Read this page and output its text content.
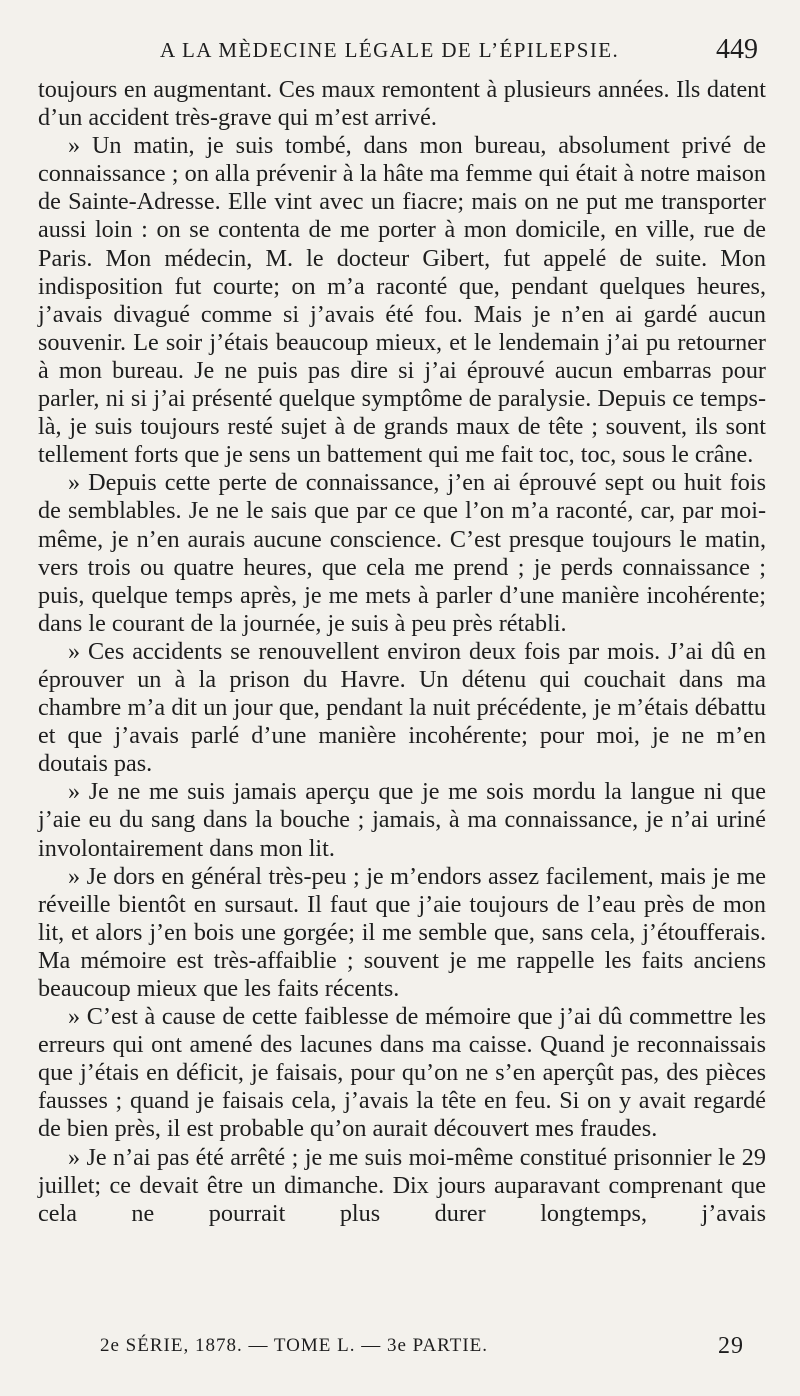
A LA MÈDECINE LÉGALE DE L’ÉPILEPSIE.	449

toujours en augmentant. Ces maux remontent à plusieurs années. Ils datent d’un accident très-grave qui m’est arrivé.

» Un matin, je suis tombé, dans mon bureau, absolument privé de connaissance ; on alla prévenir à la hâte ma femme qui était à notre maison de Sainte-Adresse. Elle vint avec un fiacre; mais on ne put me transporter aussi loin : on se contenta de me porter à mon domicile, en ville, rue de Paris. Mon médecin, M. le docteur Gibert, fut appelé de suite. Mon indisposition fut courte; on m’a raconté que, pendant quelques heures, j’avais divagué comme si j’avais été fou. Mais je n’en ai gardé aucun souvenir. Le soir j’étais beaucoup mieux, et le lendemain j’ai pu retourner à mon bureau. Je ne puis pas dire si j’ai éprouvé aucun embarras pour parler, ni si j’ai présenté quelque symptôme de paralysie. Depuis ce temps-là, je suis toujours resté sujet à de grands maux de tête ; souvent, ils sont tellement forts que je sens un battement qui me fait toc, toc, sous le crâne.

» Depuis cette perte de connaissance, j’en ai éprouvé sept ou huit fois de semblables. Je ne le sais que par ce que l’on m’a raconté, car, par moi-même, je n’en aurais aucune conscience. C’est presque toujours le matin, vers trois ou quatre heures, que cela me prend ; je perds connaissance ; puis, quelque temps après, je me mets à parler d’une manière incohérente; dans le courant de la journée, je suis à peu près rétabli.

» Ces accidents se renouvellent environ deux fois par mois. J’ai dû en éprouver un à la prison du Havre. Un détenu qui couchait dans ma chambre m’a dit un jour que, pendant la nuit précédente, je m’étais débattu et que j’avais parlé d’une manière incohérente; pour moi, je ne m’en doutais pas.

» Je ne me suis jamais aperçu que je me sois mordu la langue ni que j’aie eu du sang dans la bouche ; jamais, à ma connaissance, je n’ai uriné involontairement dans mon lit.

» Je dors en général très-peu ; je m’endors assez facilement, mais je me réveille bientôt en sursaut. Il faut que j’aie toujours de l’eau près de mon lit, et alors j’en bois une gorgée; il me semble que, sans cela, j’étoufferais. Ma mémoire est très-affaiblie ; souvent je me rappelle les faits anciens beaucoup mieux que les faits récents.

» C’est à cause de cette faiblesse de mémoire que j’ai dû commettre les erreurs qui ont amené des lacunes dans ma caisse. Quand je reconnaissais que j’étais en déficit, je faisais, pour qu’on ne s’en aperçût pas, des pièces fausses ; quand je faisais cela, j’avais la tête en feu. Si on y avait regardé de bien près, il est probable qu’on aurait découvert mes fraudes.

» Je n’ai pas été arrêté ; je me suis moi-même constitué prisonnier le 29 juillet; ce devait être un dimanche. Dix jours auparavant comprenant que cela ne pourrait plus durer longtemps, j’avais

2e SÉRIE, 1878. — TOME L. — 3e PARTIE.	29
